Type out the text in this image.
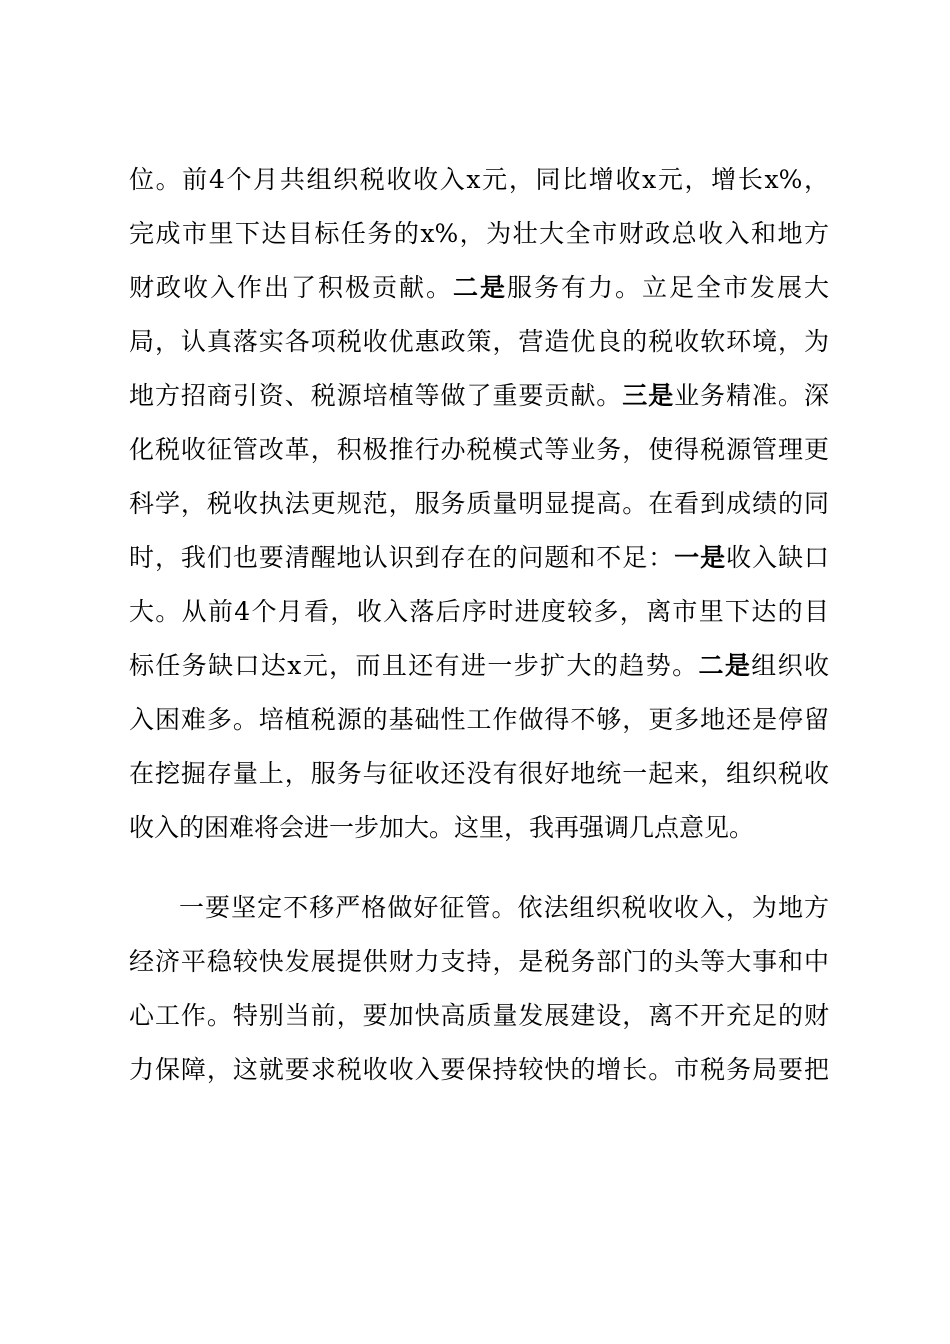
位。前4个月共组织税收收入x元，同比增收x元，增长x%，
完成市里下达目标任务的x%，为壮大全市财政总收入和地方
财政收入作出了积极贡献。二是服务有力。立足全市发展大
局，认真落实各项税收优惠政策，营造优良的税收软环境，为
地方招商引资、税源培植等做了重要贡献。三是业务精准。深
化税收征管改革，积极推行办税模式等业务，使得税源管理更
科学，税收执法更规范，服务质量明显提高。在看到成绩的同
时，我们也要清醒地认识到存在的问题和不足：一是收入缺口
大。从前4个月看，收入落后序时进度较多，离市里下达的目
标任务缺口达x元，而且还有进一步扩大的趋势。二是组织收
入困难多。培植税源的基础性工作做得不够，更多地还是停留
在挖掘存量上，服务与征收还没有很好地统一起来，组织税收
收入的困难将会进一步加大。这里，我再强调几点意见。
一要坚定不移严格做好征管。依法组织税收收入，为地方
经济平稳较快发展提供财力支持，是税务部门的头等大事和中
心工作。特别当前，要加快高质量发展建设，离不开充足的财
力保障，这就要求税收收入要保持较快的增长。市税务局要把
